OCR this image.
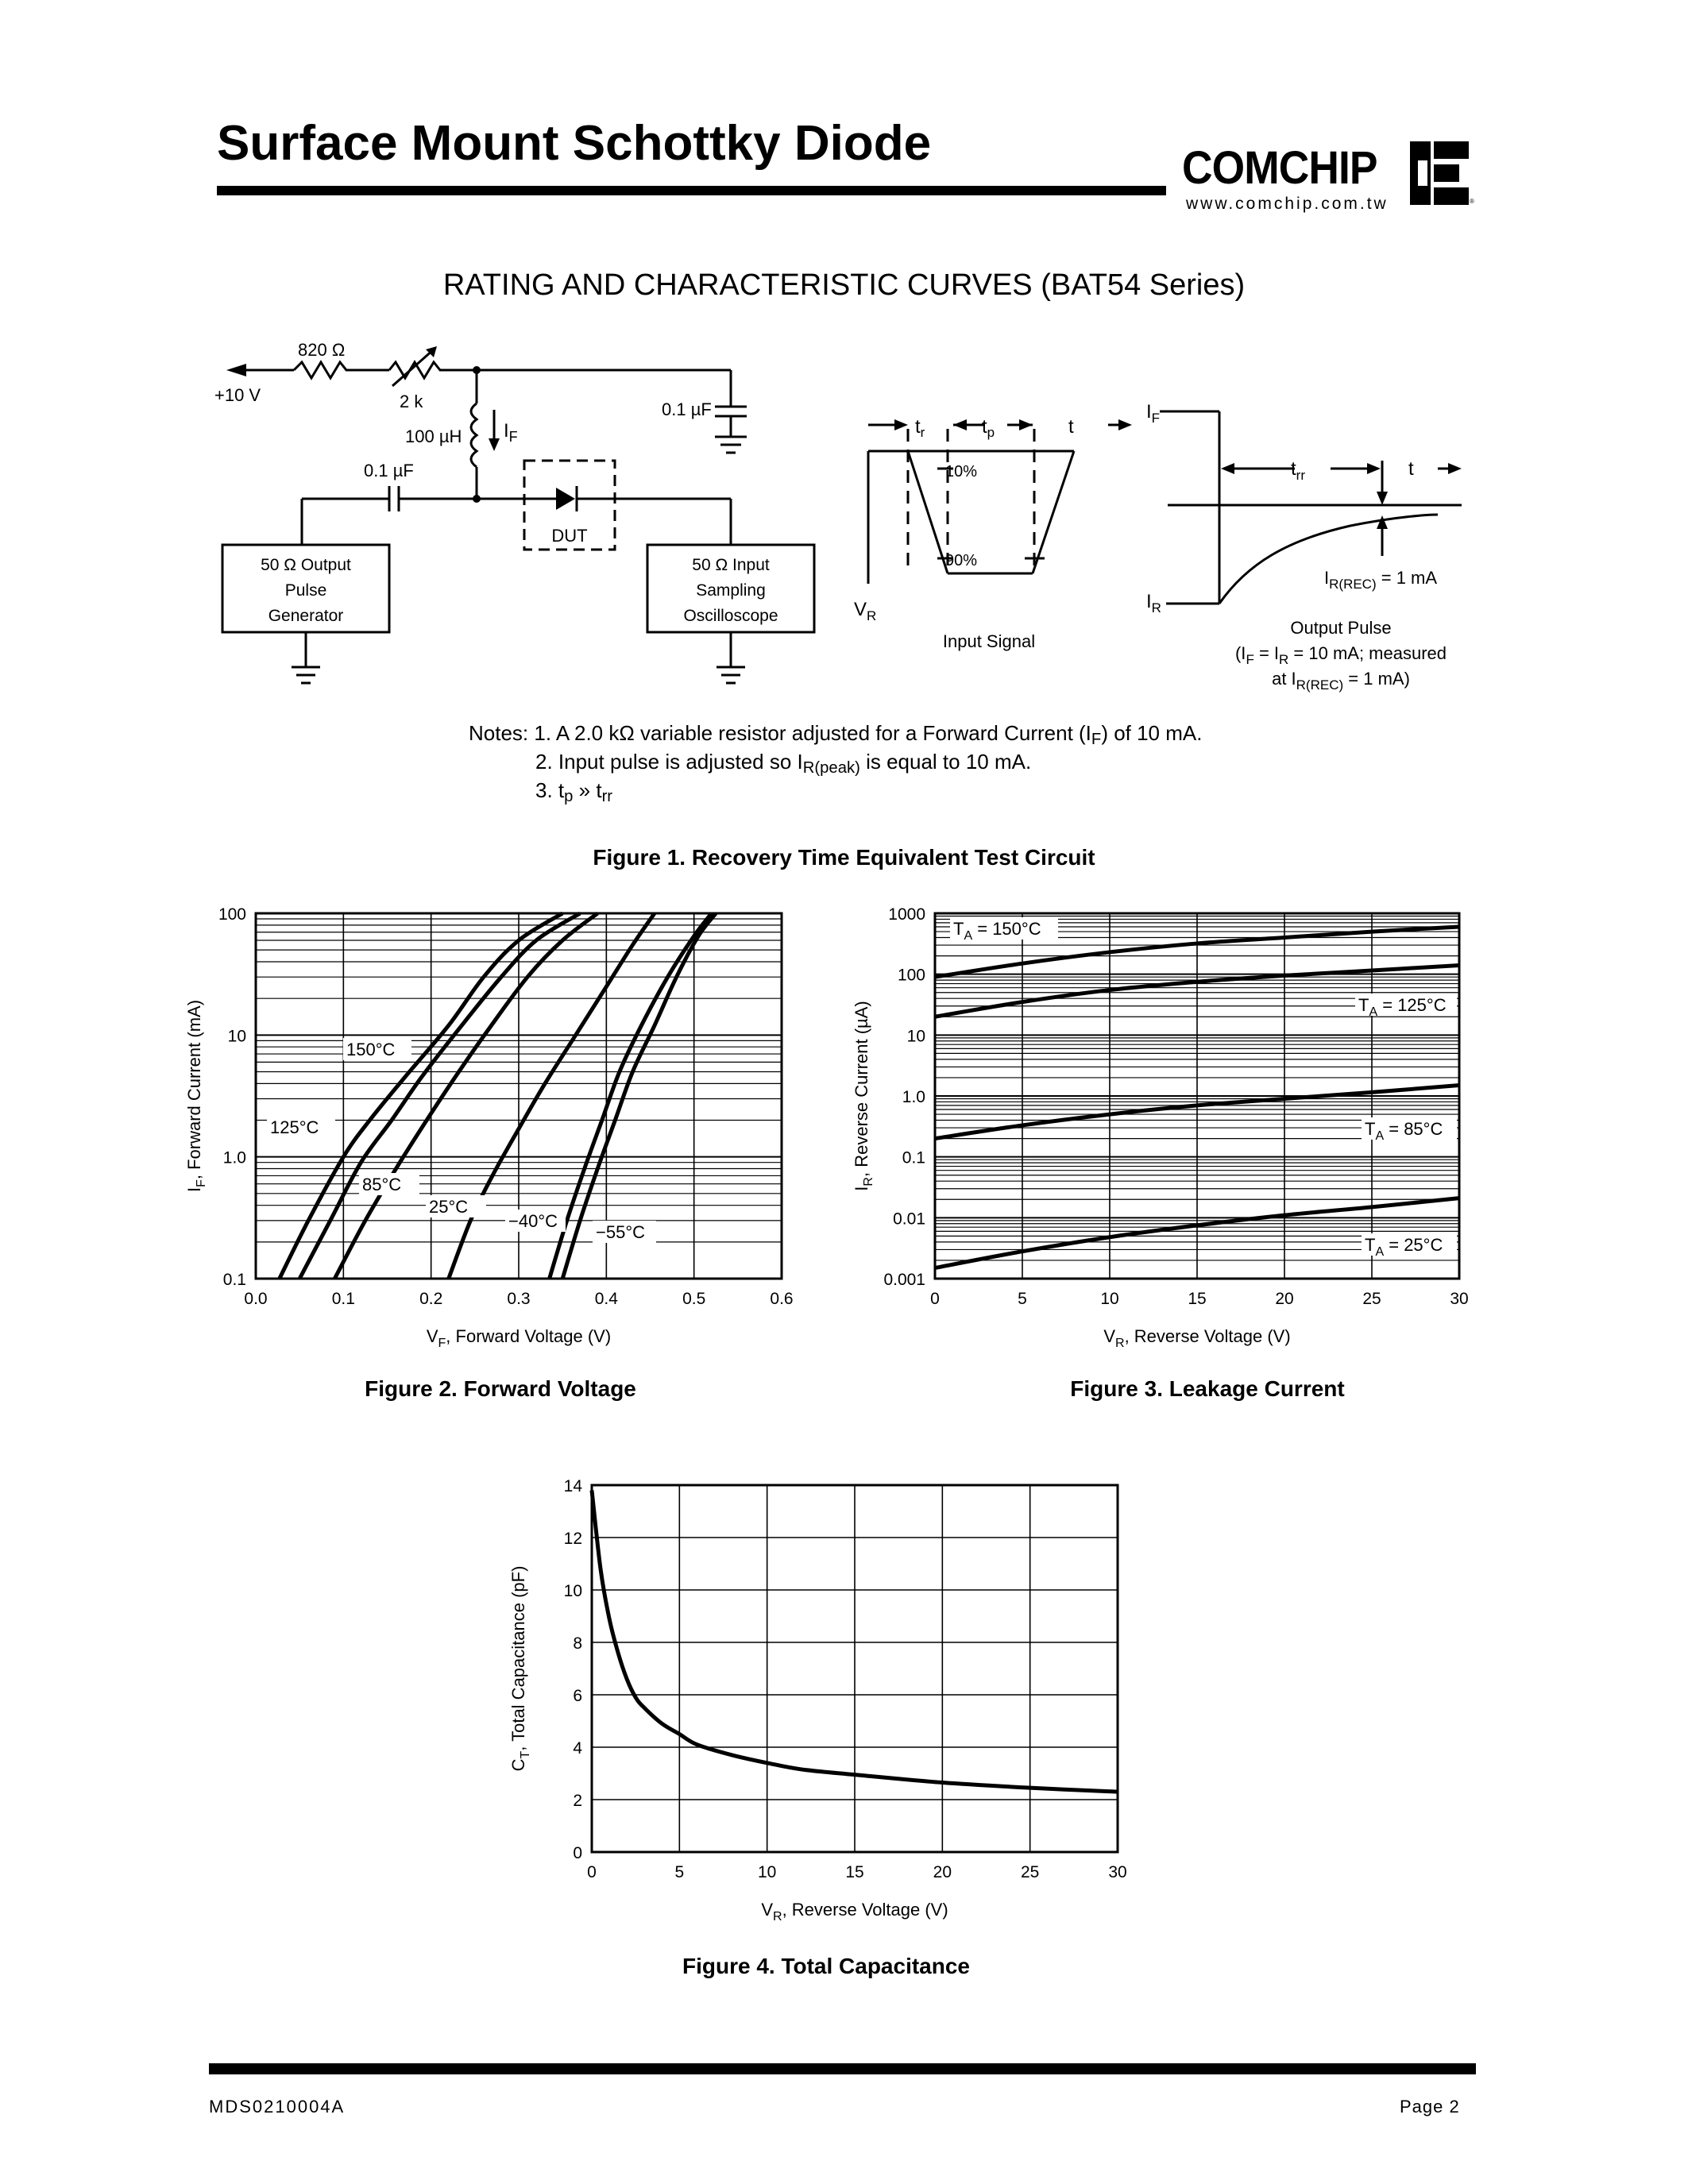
Surface Mount Schottky Diode	COMCHIP
www.comchip.com.tw	®
RATING AND CHARACTERISTIC CURVES (BAT54 Series)
+10 V
820 Ω
2 k
100 µH $I_F$
0.1 µF
0.1 µF
DUT
50 Ω Output
Pulse
Generator
50 Ω Input
Sampling
Oscilloscope
$t_r$	$t_p$	t
10%
90%
$V_R$
Input Signal
$I_F$
$I_R$
$t_{rr}$	t
$I_{R(REC)} = 1$ mA
Output Pulse
($I_F = I_R = 10$ mA; measured
at $I_{R(REC)} = 1$ mA)
Notes: 1. A 2.0 kΩ variable resistor adjusted for a Forward Current $(I_F)$ of 10 mA.
2. Input pulse is adjusted so $I_{R(peak)}$ is equal to 10 mA.
3. $t_p$ » $t_{rr}$
Figure 1. Recovery Time Equivalent Test Circuit
0.0	0.1	0.2	0.3	0.4	0.5	0.6
0.1
1.0
10
100
$V_F$, Forward Voltage (V)
$I_F$, Forward Current (mA)	150°C
125°C
85°C
25°C
−40°C
−55°C
0	5	10	15	20	25	30
0.001
0.01
0.1
1.0
10
100
1000
$V_R$, Reverse Voltage (V)
$I_R$, Reverse Current (µA)
$T_A = 150^\circ C$
$T_A = 125^\circ C$
$T_A = 85^\circ C$
$T_A = 25^\circ C$
Figure 2. Forward Voltage	Figure 3. Leakage Current
0	5	10	15	20	25	30
0
2
4
6
8
10
12
14
$V_R$, Reverse Voltage (V)
$C_T$, Total Capacitance (pF)
Figure 4. Total Capacitance
MDS0210004A	Page 2
